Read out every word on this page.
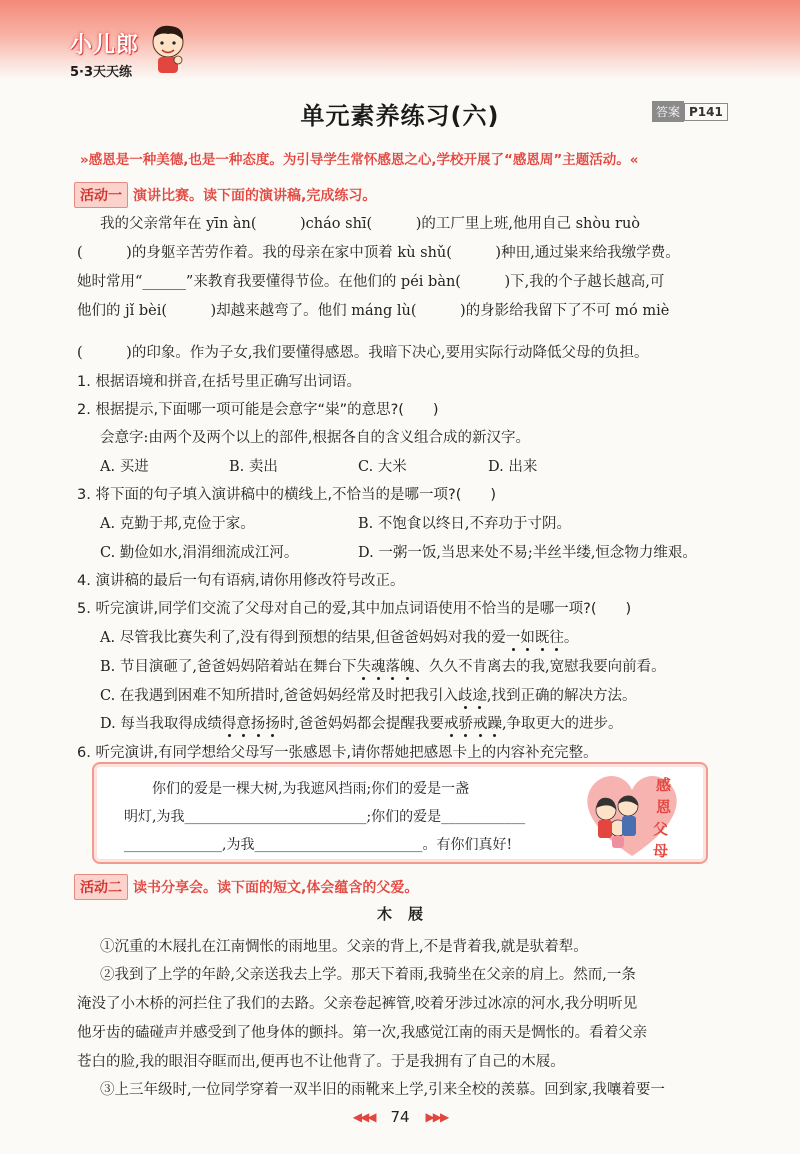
小儿郎
5·3天天练
单元素养练习(六)	答案 P141
»感恩是一种美德,也是一种态度。为引导学生常怀感恩之心,学校开展了“感恩周”主题活动。«
活动一 演讲比赛。读下面的演讲稿,完成练习。
我的父亲常年在 yīn àn(　　　)cháo shī(　　　)的工厂里上班,他用自己 shòu ruò
(　　　)的身躯辛苦劳作着。我的母亲在家中顶着 kù shǔ(　　　)种田,通过粜来给我缴学费。
她时常用“______”来教育我要懂得节俭。在他们的 péi bàn(　　　)下,我的个子越长越高,可
他们的 jǐ bèi(　　　)却越来越弯了。他们 máng lù(　　　)的身影给我留下了不可 mó miè
(　　　)的印象。作为子女,我们要懂得感恩。我暗下决心,要用实际行动降低父母的负担。
1. 根据语境和拼音,在括号里正确写出词语。
2. 根据提示,下面哪一项可能是会意字“粜”的意思?(　　)
会意字:由两个及两个以上的部件,根据各自的含义组合成的新汉字。
A. 买进	B. 卖出	C. 大米	D. 出来
3. 将下面的句子填入演讲稿中的横线上,不恰当的是哪一项?(　　)
A. 克勤于邦,克俭于家。	B. 不饱食以终日,不弃功于寸阴。
C. 勤俭如水,涓涓细流成江河。	D. 一粥一饭,当思来处不易;半丝半缕,恒念物力维艰。
4. 演讲稿的最后一句有语病,请你用修改符号改正。
5. 听完演讲,同学们交流了父母对自己的爱,其中加点词语使用不恰当的是哪一项?(　　)
A. 尽管我比赛失利了,没有得到预想的结果,但爸爸妈妈对我的爱一如既往。
B. 节目演砸了,爸爸妈妈陪着站在舞台下失魂落魄、久久不肯离去的我,宽慰我要向前看。
C. 在我遇到困难不知所措时,爸爸妈妈经常及时把我引入歧途,找到正确的解决方法。
D. 每当我取得成绩得意扬扬时,爸爸妈妈都会提醒我要戒骄戒躁,争取更大的进步。
6. 听完演讲,有同学想给父母写一张感恩卡,请你帮她把感恩卡上的内容补充完整。
你们的爱是一棵大树,为我遮风挡雨;你们的爱是一盏
明灯,为我__________________________;你们的爱是____________
______________,为我________________________。有你们真好!
感
恩
父
母
活动二 读书分享会。读下面的短文,体会蕴含的父爱。
木屐
①沉重的木屐扎在江南惆怅的雨地里。父亲的背上,不是背着我,就是驮着犁。
②我到了上学的年龄,父亲送我去上学。那天下着雨,我骑坐在父亲的肩上。然而,一条
淹没了小木桥的河拦住了我们的去路。父亲卷起裤管,咬着牙涉过冰凉的河水,我分明听见
他牙齿的磕碰声并感受到了他身体的颤抖。第一次,我感觉江南的雨天是惆怅的。看着父亲
苍白的脸,我的眼泪夺眶而出,便再也不让他背了。于是我拥有了自己的木屐。
③上三年级时,一位同学穿着一双半旧的雨靴来上学,引来全校的羡慕。回到家,我嚷着要一
◀◀◀ 74 ▶▶▶
